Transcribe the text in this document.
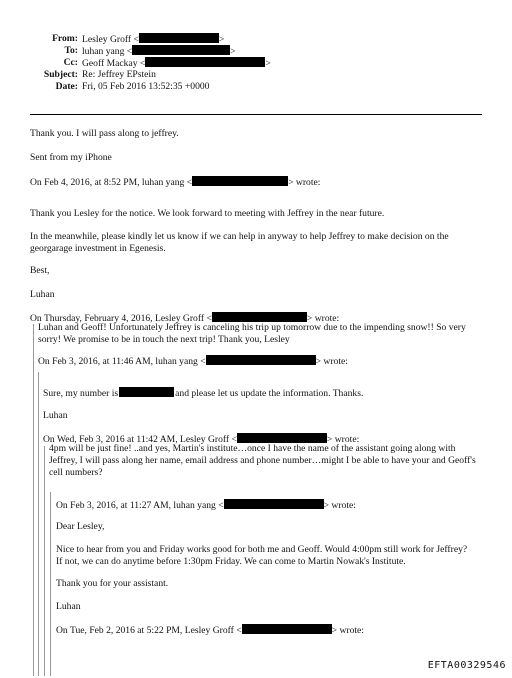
From: Lesley Groff <	>
To: luhan yang <	>
Cc: Geoff Mackay <	>
Subject: Re: Jeffrey EPstein
Date: Fri, 05 Feb 2016 13:52:35 +0000
Thank you. I will pass along to jeffrey.
Sent from my iPhone
On Feb 4, 2016, at 8:52 PM, luhan yang <	> wrote:
Thank you Lesley for the notice. We look forward to meeting with Jeffrey in the near future.
In the meanwhile, please kindly let us know if we can help in anyway to help Jeffrey to make decision on the georgarage investment in Egenesis.
Best,
Luhan
On Thursday, February 4, 2016, Lesley Groff <	> wrote:
Luhan and Geoff! Unfortunately Jeffrey is canceling his trip up tomorrow due to the impending snow!! So very sorry! We promise to be in touch the next trip! Thank you, Lesley
On Feb 3, 2016, at 11:46 AM, luhan yang <	> wrote:
Sure, my number is	and please let us update the information. Thanks.
Luhan
On Wed, Feb 3, 2016 at 11:42 AM, Lesley Groff <	> wrote:
4pm will be just fine! ..and yes, Martin's institute…once I have the name of the assistant going along with Jeffrey, I will pass along her name, email address and phone number…might I be able to have your and Geoff's cell numbers?
On Feb 3, 2016, at 11:27 AM, luhan yang <	> wrote:
Dear Lesley,
Nice to hear from you and Friday works good for both me and Geoff. Would 4:00pm still work for Jeffrey? If not, we can do anytime before 1:30pm Friday. We can come to Martin Nowak's Institute.
Thank you for your assistant.
Luhan
On Tue, Feb 2, 2016 at 5:22 PM, Lesley Groff <	> wrote:
EFTA00329546
